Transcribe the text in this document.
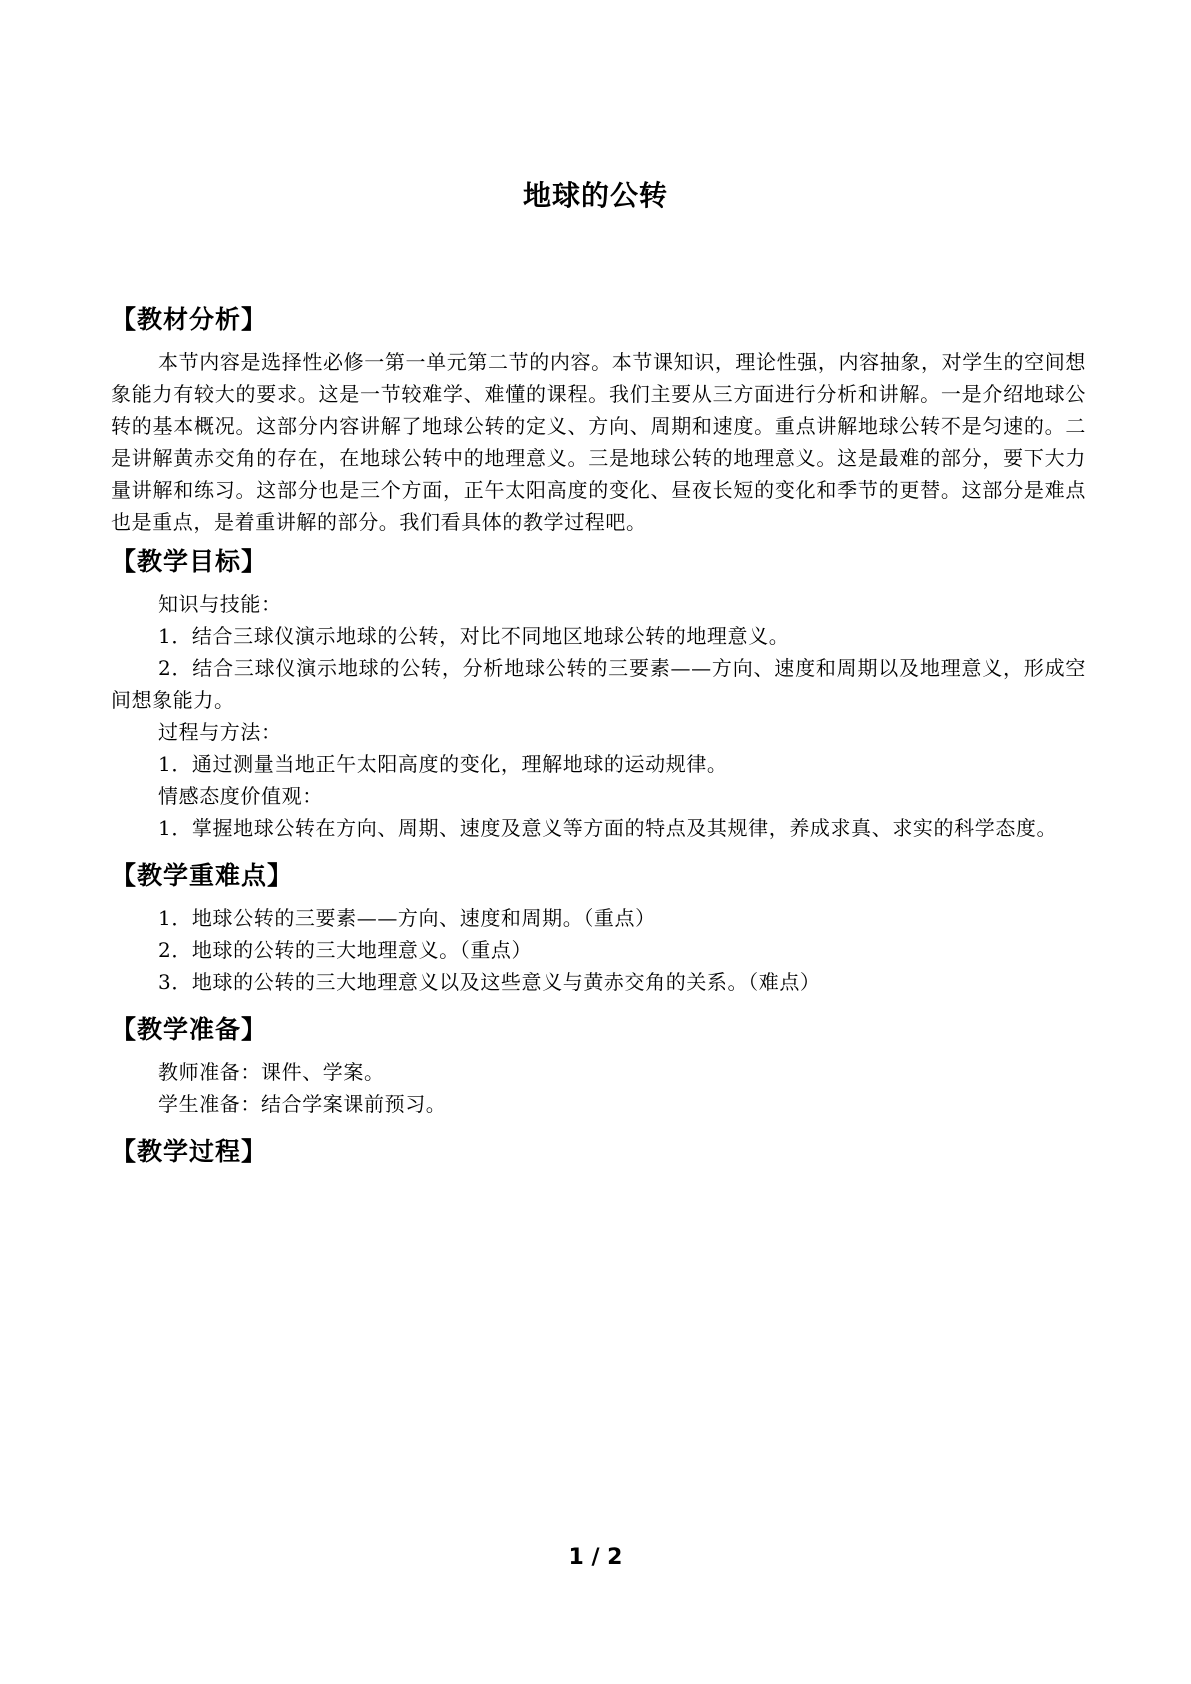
地球的公转
【教材分析】

本节内容是选择性必修一第一单元第二节的内容。本节课知识，理论性强，内容抽象，对学生的空间想象能力有较大的要求。这是一节较难学、难懂的课程。我们主要从三方面进行分析和讲解。一是介绍地球公转的基本概况。这部分内容讲解了地球公转的定义、方向、周期和速度。重点讲解地球公转不是匀速的。二是讲解黄赤交角的存在，在地球公转中的地理意义。三是地球公转的地理意义。这是最难的部分，要下大力量讲解和练习。这部分也是三个方面，正午太阳高度的变化、昼夜长短的变化和季节的更替。这部分是难点也是重点，是着重讲解的部分。我们看具体的教学过程吧。

【教学目标】

知识与技能：

1．结合三球仪演示地球的公转，对比不同地区地球公转的地理意义。

2．结合三球仪演示地球的公转，分析地球公转的三要素——方向、速度和周期以及地理意义，形成空间想象能力。

过程与方法：

1．通过测量当地正午太阳高度的变化，理解地球的运动规律。

情感态度价值观：

1．掌握地球公转在方向、周期、速度及意义等方面的特点及其规律，养成求真、求实的科学态度。

【教学重难点】

1．地球公转的三要素——方向、速度和周期。（重点）

2．地球的公转的三大地理意义。（重点）

3．地球的公转的三大地理意义以及这些意义与黄赤交角的关系。（难点）

【教学准备】

教师准备：课件、学案。

学生准备：结合学案课前预习。

【教学过程】
1 / 2
